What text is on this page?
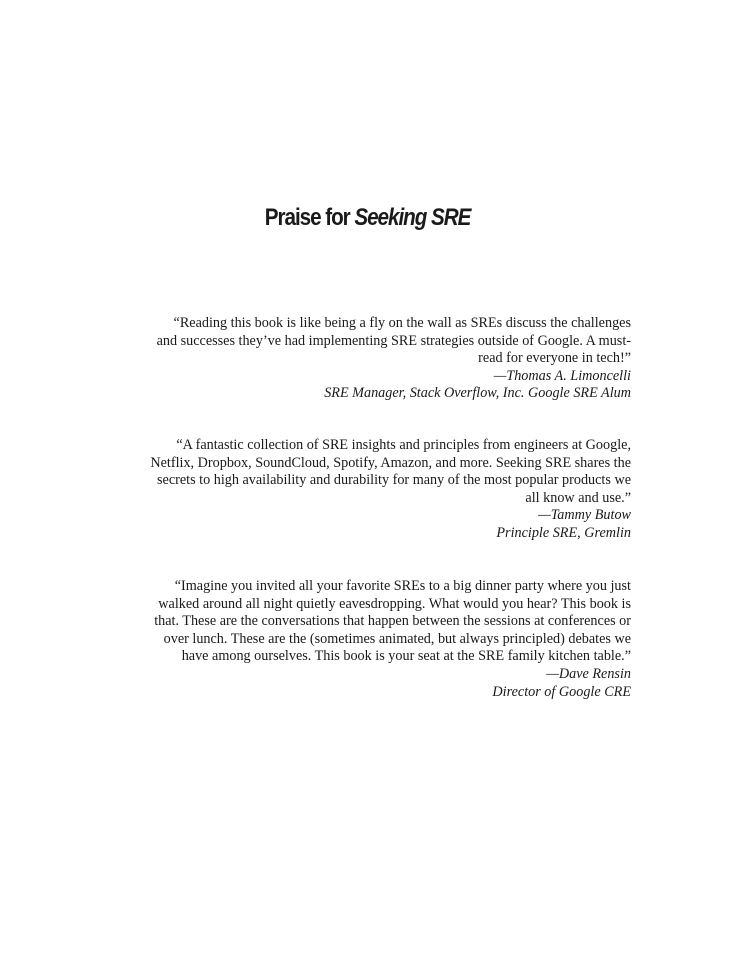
Praise for Seeking SRE

“Reading this book is like being a fly on the wall as SREs discuss the challenges and successes they’ve had implementing SRE strategies outside of Google. A must-read for everyone in tech!”

—Thomas A. Limoncelli

SRE Manager, Stack Overflow, Inc. Google SRE Alum

“A fantastic collection of SRE insights and principles from engineers at Google, Netflix, Dropbox, SoundCloud, Spotify, Amazon, and more. Seeking SRE shares the secrets to high availability and durability for many of the most popular products we all know and use.”

—Tammy Butow

Principle SRE, Gremlin

“Imagine you invited all your favorite SREs to a big dinner party where you just walked around all night quietly eavesdropping. What would you hear? This book is that. These are the conversations that happen between the sessions at conferences or over lunch. These are the (sometimes animated, but always principled) debates we have among ourselves. This book is your seat at the SRE family kitchen table.”

—Dave Rensin

Director of Google CRE
